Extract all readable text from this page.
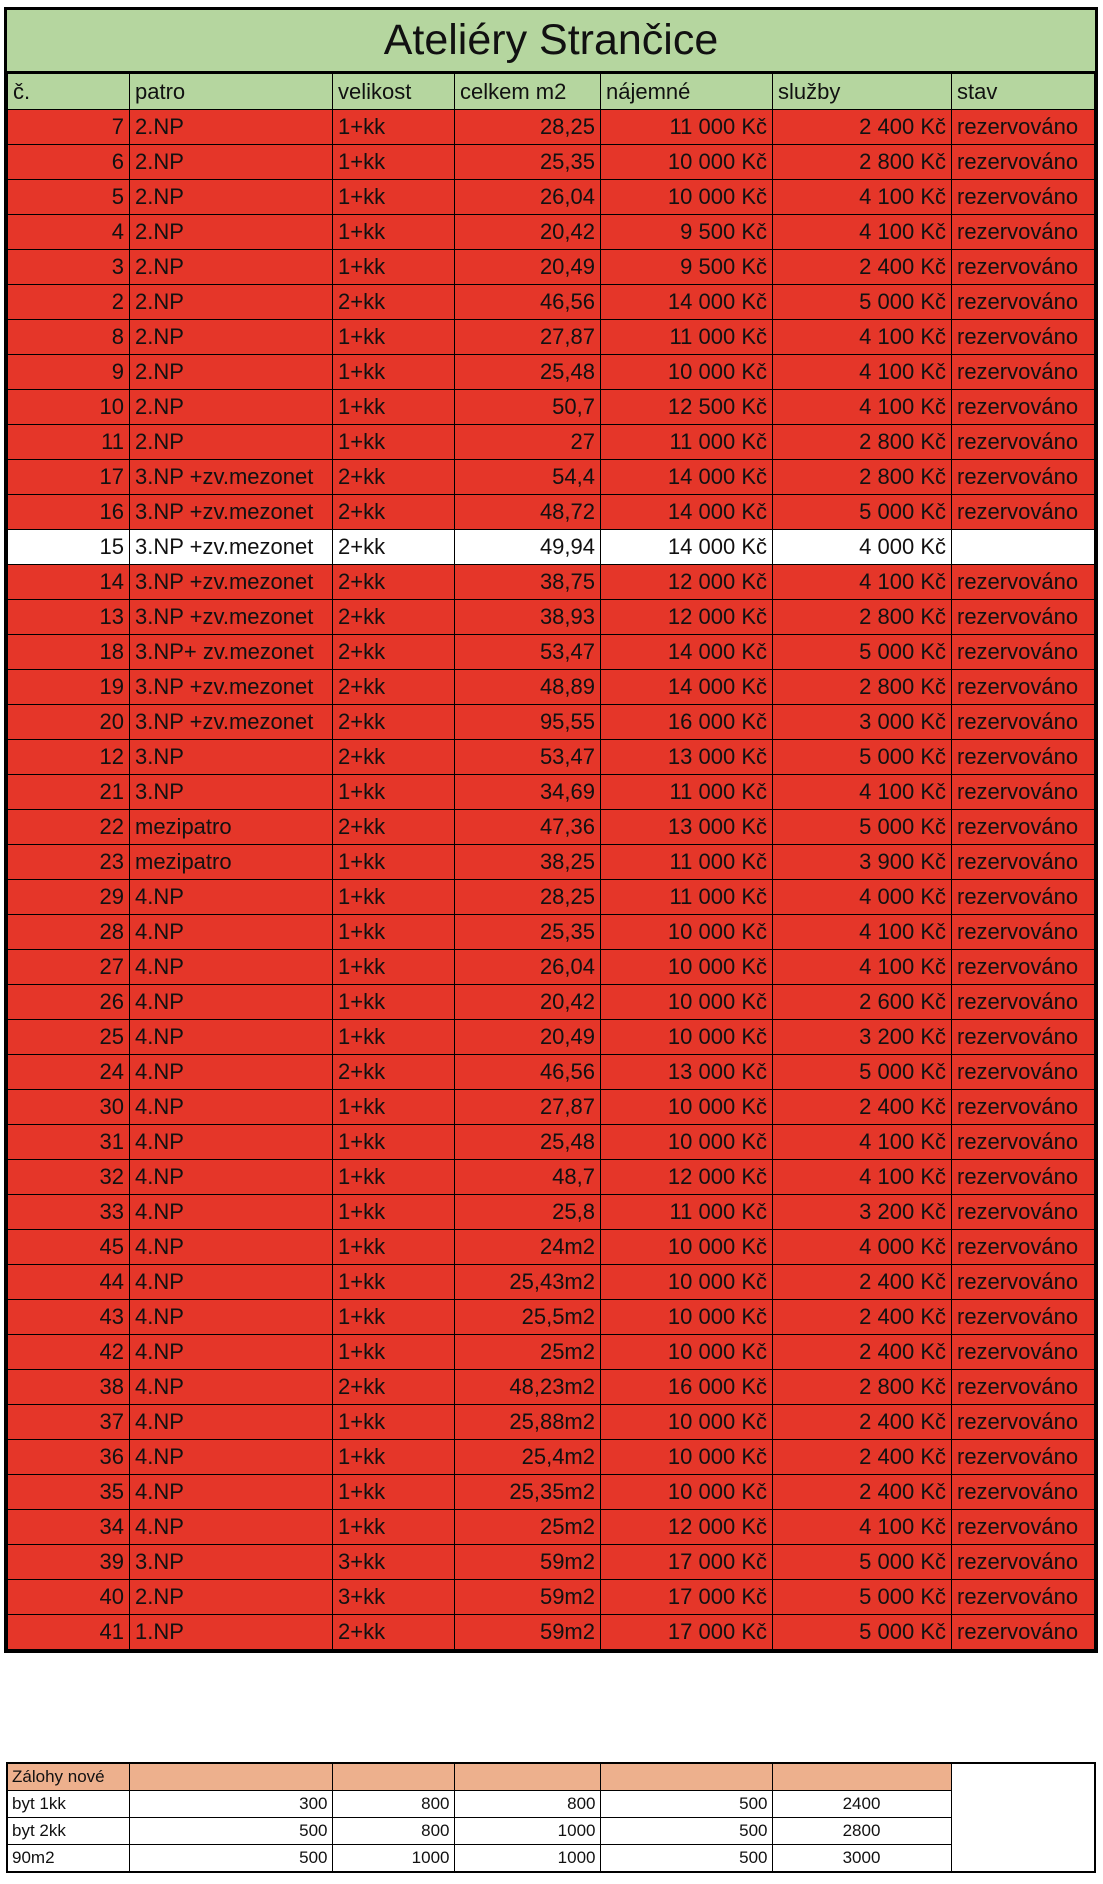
Ateliéry Strančice
č.	patro	velikost	celkem m2	nájemné	služby	stav
7	2.NP	1+kk	28,25	11 000 Kč	2 400 Kč	rezervováno
6	2.NP	1+kk	25,35	10 000 Kč	2 800 Kč	rezervováno
5	2.NP	1+kk	26,04	10 000 Kč	4 100 Kč	rezervováno
4	2.NP	1+kk	20,42	9 500 Kč	4 100 Kč	rezervováno
3	2.NP	1+kk	20,49	9 500 Kč	2 400 Kč	rezervováno
2	2.NP	2+kk	46,56	14 000 Kč	5 000 Kč	rezervováno
8	2.NP	1+kk	27,87	11 000 Kč	4 100 Kč	rezervováno
9	2.NP	1+kk	25,48	10 000 Kč	4 100 Kč	rezervováno
10	2.NP	1+kk	50,7	12 500 Kč	4 100 Kč	rezervováno
11	2.NP	1+kk	27	11 000 Kč	2 800 Kč	rezervováno
17	3.NP +zv.mezonet	2+kk	54,4	14 000 Kč	2 800 Kč	rezervováno
16	3.NP +zv.mezonet	2+kk	48,72	14 000 Kč	5 000 Kč	rezervováno
15	3.NP +zv.mezonet	2+kk	49,94	14 000 Kč	4 000 Kč	
14	3.NP +zv.mezonet	2+kk	38,75	12 000 Kč	4 100 Kč	rezervováno
13	3.NP +zv.mezonet	2+kk	38,93	12 000 Kč	2 800 Kč	rezervováno
18	3.NP+ zv.mezonet	2+kk	53,47	14 000 Kč	5 000 Kč	rezervováno
19	3.NP +zv.mezonet	2+kk	48,89	14 000 Kč	2 800 Kč	rezervováno
20	3.NP +zv.mezonet	2+kk	95,55	16 000 Kč	3 000 Kč	rezervováno
12	3.NP	2+kk	53,47	13 000 Kč	5 000 Kč	rezervováno
21	3.NP	1+kk	34,69	11 000 Kč	4 100 Kč	rezervováno
22	mezipatro	2+kk	47,36	13 000 Kč	5 000 Kč	rezervováno
23	mezipatro	1+kk	38,25	11 000 Kč	3 900 Kč	rezervováno
29	4.NP	1+kk	28,25	11 000 Kč	4 000 Kč	rezervováno
28	4.NP	1+kk	25,35	10 000 Kč	4 100 Kč	rezervováno
27	4.NP	1+kk	26,04	10 000 Kč	4 100 Kč	rezervováno
26	4.NP	1+kk	20,42	10 000 Kč	2 600 Kč	rezervováno
25	4.NP	1+kk	20,49	10 000 Kč	3 200 Kč	rezervováno
24	4.NP	2+kk	46,56	13 000 Kč	5 000 Kč	rezervováno
30	4.NP	1+kk	27,87	10 000 Kč	2 400 Kč	rezervováno
31	4.NP	1+kk	25,48	10 000 Kč	4 100 Kč	rezervováno
32	4.NP	1+kk	48,7	12 000 Kč	4 100 Kč	rezervováno
33	4.NP	1+kk	25,8	11 000 Kč	3 200 Kč	rezervováno
45	4.NP	1+kk	24m2	10 000 Kč	4 000 Kč	rezervováno
44	4.NP	1+kk	25,43m2	10 000 Kč	2 400 Kč	rezervováno
43	4.NP	1+kk	25,5m2	10 000 Kč	2 400 Kč	rezervováno
42	4.NP	1+kk	25m2	10 000 Kč	2 400 Kč	rezervováno
38	4.NP	2+kk	48,23m2	16 000 Kč	2 800 Kč	rezervováno
37	4.NP	1+kk	25,88m2	10 000 Kč	2 400 Kč	rezervováno
36	4.NP	1+kk	25,4m2	10 000 Kč	2 400 Kč	rezervováno
35	4.NP	1+kk	25,35m2	10 000 Kč	2 400 Kč	rezervováno
34	4.NP	1+kk	25m2	12 000 Kč	4 100 Kč	rezervováno
39	3.NP	3+kk	59m2	17 000 Kč	5 000 Kč	rezervováno
40	2.NP	3+kk	59m2	17 000 Kč	5 000 Kč	rezervováno
41	1.NP	2+kk	59m2	17 000 Kč	5 000 Kč	rezervováno
Zálohy nové						
byt 1kk	300	800	800	500	2400	
byt 2kk	500	800	1000	500	2800	
90m2	500	1000	1000	500	3000	
